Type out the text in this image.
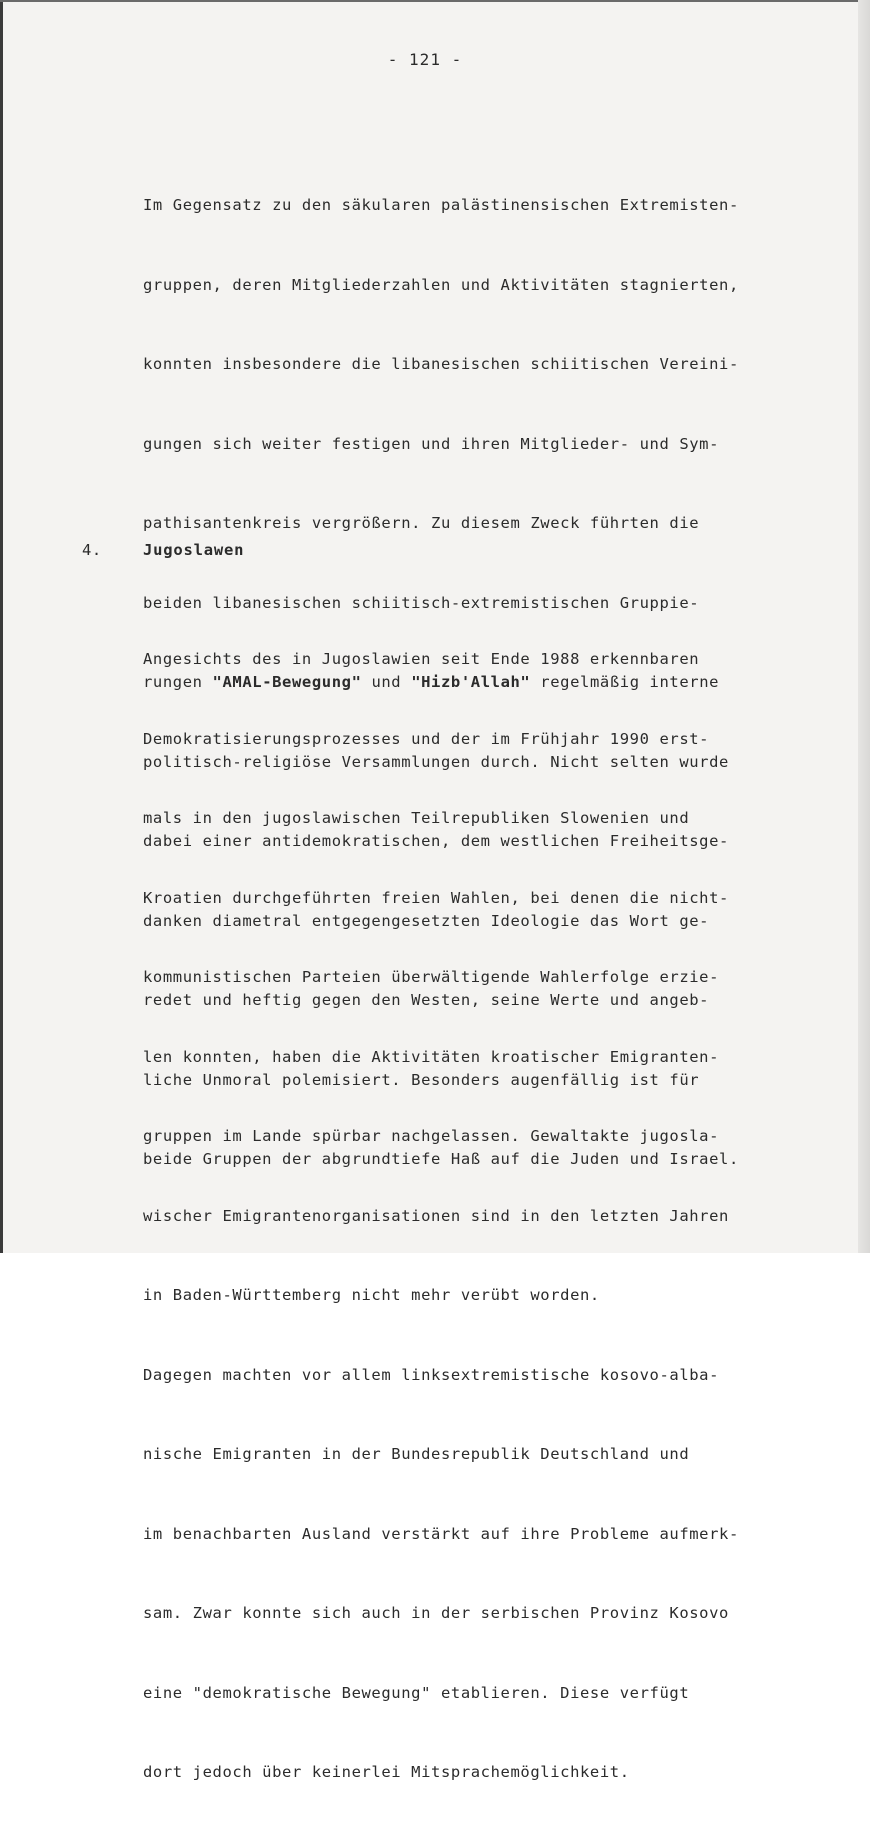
- 121 -

Im Gegensatz zu den säkularen palästinensischen Extremisten-

gruppen, deren Mitgliederzahlen und Aktivitäten stagnierten,

konnten insbesondere die libanesischen schiitischen Vereini-

gungen sich weiter festigen und ihren Mitglieder- und Sym-

pathisantenkreis vergrößern. Zu diesem Zweck führten die

beiden libanesischen schiitisch-extremistischen Gruppie-

rungen "AMAL-Bewegung" und "Hizb'Allah" regelmäßig interne

politisch-religiöse Versammlungen durch. Nicht selten wurde

dabei einer antidemokratischen, dem westlichen Freiheitsge-

danken diametral entgegengesetzten Ideologie das Wort ge-

redet und heftig gegen den Westen, seine Werte und angeb-

liche Unmoral polemisiert. Besonders augenfällig ist für

beide Gruppen der abgrundtiefe Haß auf die Juden und Israel.

4.	Jugoslawen

Angesichts des in Jugoslawien seit Ende 1988 erkennbaren

Demokratisierungsprozesses und der im Frühjahr 1990 erst-

mals in den jugoslawischen Teilrepubliken Slowenien und

Kroatien durchgeführten freien Wahlen, bei denen die nicht-

kommunistischen Parteien überwältigende Wahlerfolge erzie-

len konnten, haben die Aktivitäten kroatischer Emigranten-

gruppen im Lande spürbar nachgelassen. Gewaltakte jugosla-

wischer Emigrantenorganisationen sind in den letzten Jahren

in Baden-Württemberg nicht mehr verübt worden.

Dagegen machten vor allem linksextremistische kosovo-alba-

nische Emigranten in der Bundesrepublik Deutschland und

im benachbarten Ausland verstärkt auf ihre Probleme aufmerk-

sam. Zwar konnte sich auch in der serbischen Provinz Kosovo

eine "demokratische Bewegung" etablieren. Diese verfügt

dort jedoch über keinerlei Mitsprachemöglichkeit.
